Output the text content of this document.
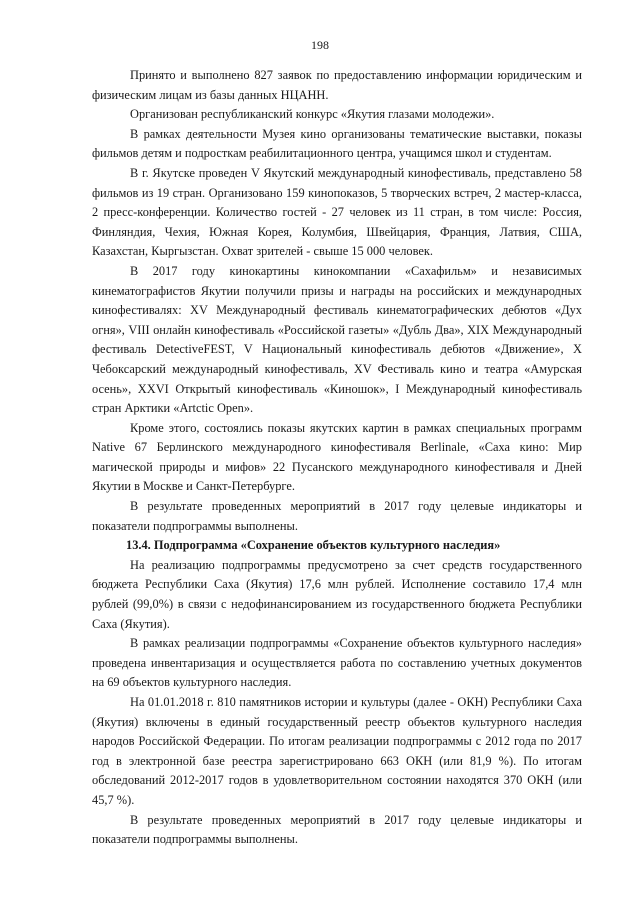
198

Принято и выполнено 827 заявок по предоставлению информации юридическим и физическим лицам из базы данных НЦАНН.

Организован республиканский конкурс «Якутия глазами молодежи».

В рамках деятельности Музея кино организованы тематические выставки, показы фильмов детям и подросткам реабилитационного центра, учащимся школ и студентам.

В г. Якутске проведен V Якутский международный кинофестиваль, представлено 58 фильмов из 19 стран. Организовано 159 кинопоказов, 5 творческих встреч, 2 мастер-класса, 2 пресс-конференции. Количество гостей - 27 человек из 11 стран, в том числе: Россия, Финляндия, Чехия, Южная Корея, Колумбия, Швейцария, Франция, Латвия, США, Казахстан, Кыргызстан. Охват зрителей - свыше 15 000 человек.

В 2017 году кинокартины кинокомпании «Сахафильм» и независимых кинематографистов Якутии получили призы и награды на российских и международных кинофестивалях: XV Международный фестиваль кинематографических дебютов «Дух огня», VIII онлайн кинофестиваль «Российской газеты» «Дубль Два», XIX Международный фестиваль DetectiveFEST, V Национальный кинофестиваль дебютов «Движение», X Чебоксарский международный кинофестиваль, XV Фестиваль кино и театра «Амурская осень», XXVI Открытый кинофестиваль «Киношок», I Международный кинофестиваль стран Арктики «Artctic Open».

Кроме этого, состоялись показы якутских картин в рамках специальных программ Native 67 Берлинского международного кинофестиваля Berlinale, «Саха кино: Мир магической природы и мифов» 22 Пусанского международного кинофестиваля и Дней Якутии в Москве и Санкт-Петербурге.

В результате проведенных мероприятий в 2017 году целевые индикаторы и показатели подпрограммы выполнены.

13.4. Подпрограмма «Сохранение объектов культурного наследия»

На реализацию подпрограммы предусмотрено за счет средств государственного бюджета Республики Саха (Якутия) 17,6 млн рублей. Исполнение составило 17,4 млн рублей (99,0%) в связи с недофинансированием из государственного бюджета Республики Саха (Якутия).

В рамках реализации подпрограммы «Сохранение объектов культурного наследия» проведена инвентаризация и осуществляется работа по составлению учетных документов на 69 объектов культурного наследия.

На 01.01.2018 г. 810 памятников истории и культуры (далее - ОКН) Республики Саха (Якутия) включены в единый государственный реестр объектов культурного наследия народов Российской Федерации. По итогам реализации подпрограммы с 2012 года по 2017 год в электронной базе реестра зарегистрировано 663 ОКН (или 81,9 %). По итогам обследований 2012-2017 годов в удовлетворительном состоянии находятся 370 ОКН (или 45,7 %).

В результате проведенных мероприятий в 2017 году целевые индикаторы и показатели подпрограммы выполнены.
